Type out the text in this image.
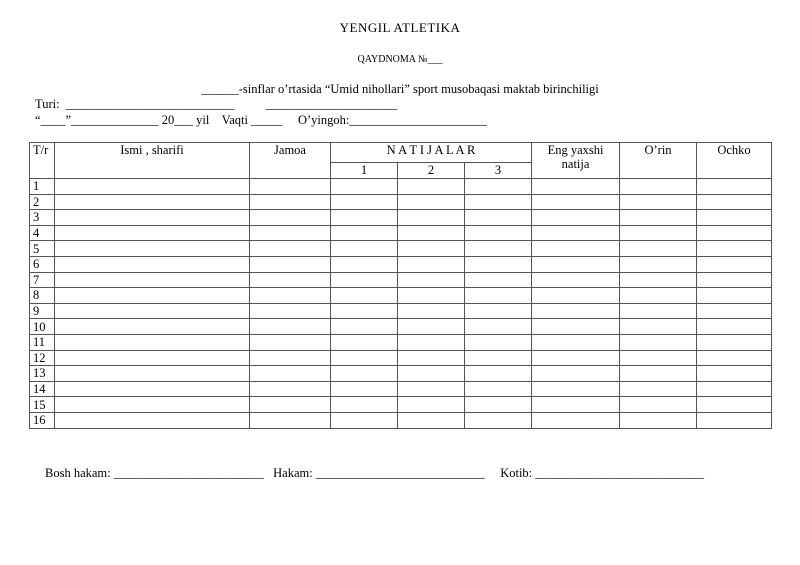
YENGIL ATLETIKA
QAYDNOMA №___
______-sinflar o’rtasida “Umid nihollari” sport musobaqasi maktab birinchiligi
Turi:  ___________________________          _____________________
“____”______________ 20___ yil    Vaqti _____     O’yingoh:______________________
T/r	Ismi , sharifi	Jamoa	N A T I J A L A R			Eng yaxshi natija	O’rin	Ochko
			1	2	3			
1								
2								
3								
4								
5								
6								
7								
8								
9								
10								
11								
12								
13								
14								
15								
16								
Bosh hakam: ________________________   Hakam: ___________________________     Kotib: ___________________________
